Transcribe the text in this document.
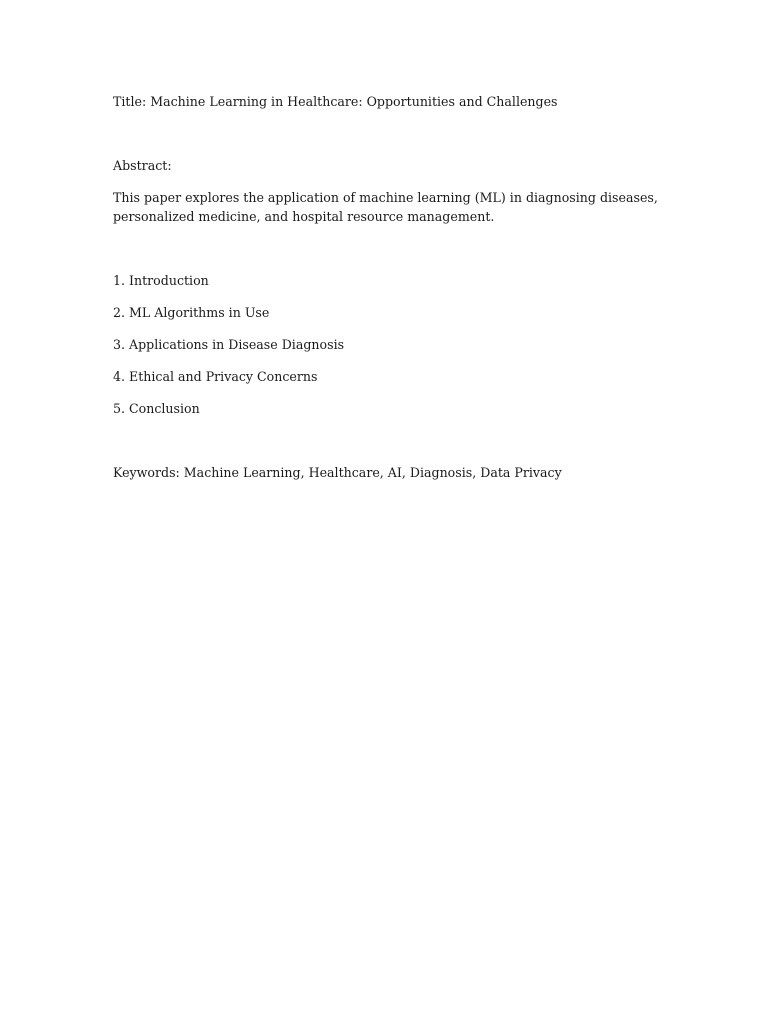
Title: Machine Learning in Healthcare: Opportunities and Challenges
Abstract:
This paper explores the application of machine learning (ML) in diagnosing diseases,
personalized medicine, and hospital resource management.
1. Introduction
2. ML Algorithms in Use
3. Applications in Disease Diagnosis
4. Ethical and Privacy Concerns
5. Conclusion
Keywords: Machine Learning, Healthcare, AI, Diagnosis, Data Privacy
